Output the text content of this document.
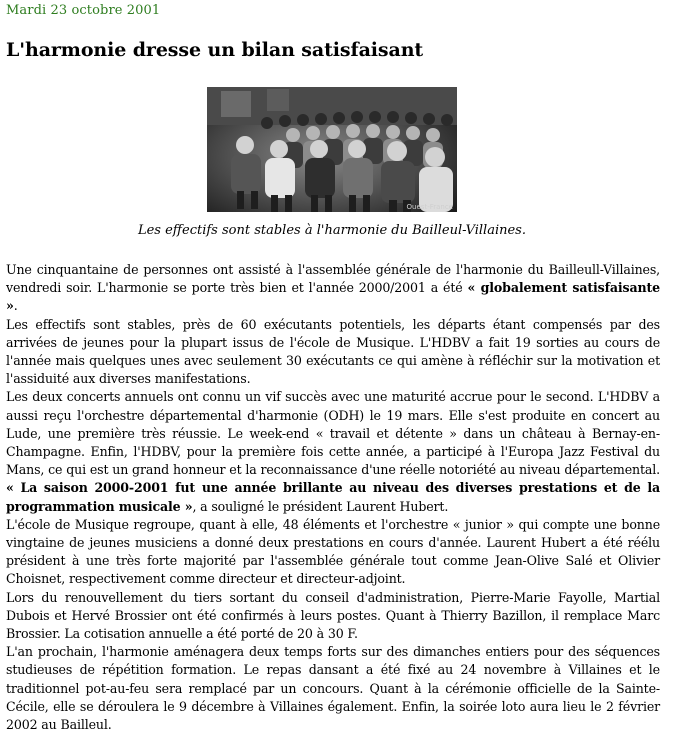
Mardi 23 octobre 2001
L'harmonie dresse un bilan satisfaisant
Ouest-France
Les effectifs sont stables à l'harmonie du Bailleul-Villaines.

Une cinquantaine de personnes ont assisté à l'assemblée générale de l'harmonie du Bailleull-Villaines, vendredi soir. L'harmonie se porte très bien et l'année 2000/2001 a été « globalement satisfaisante ».

Les effectifs sont stables, près de 60 exécutants potentiels, les départs étant compensés par des arrivées de jeunes pour la plupart issus de l'école de Musique. L'HDBV a fait 19 sorties au cours de l'année mais quelques unes avec seulement 30 exécutants ce qui amène à réfléchir sur la motivation et l'assiduité aux diverses manifestations.

Les deux concerts annuels ont connu un vif succès avec une maturité accrue pour le second. L'HDBV a aussi reçu l'orchestre départemental d'harmonie (ODH) le 19 mars. Elle s'est produite en concert au Lude, une première très réussie. Le week-end « travail et détente » dans un château à Bernay-en-Champagne. Enfin, l'HDBV, pour la première fois cette année, a participé à l'Europa Jazz Festival du Mans, ce qui est un grand honneur et la reconnaissance d'une réelle notoriété au niveau départemental. « La saison 2000-2001 fut une année brillante au niveau des diverses prestations et de la programmation musicale », a souligné le président Laurent Hubert.

L'école de Musique regroupe, quant à elle, 48 éléments et l'orchestre « junior » qui compte une bonne vingtaine de jeunes musiciens a donné deux prestations en cours d'année. Laurent Hubert a été réélu président à une très forte majorité par l'assemblée générale tout comme Jean-Olive Salé et Olivier Choisnet, respectivement comme directeur et directeur-adjoint.

Lors du renouvellement du tiers sortant du conseil d'administration, Pierre-Marie Fayolle, Martial Dubois et Hervé Brossier ont été confirmés à leurs postes. Quant à Thierry Bazillon, il remplace Marc Brossier. La cotisation annuelle a été porté de 20 à 30 F.

L'an prochain, l'harmonie aménagera deux temps forts sur des dimanches entiers pour des séquences studieuses de répétition formation. Le repas dansant a été fixé au 24 novembre à Villaines et le traditionnel pot-au-feu sera remplacé par un concours. Quant à la cérémonie officielle de la Sainte-Cécile, elle se déroulera le 9 décembre à Villaines également. Enfin, la soirée loto aura lieu le 2 février 2002 au Bailleul.
